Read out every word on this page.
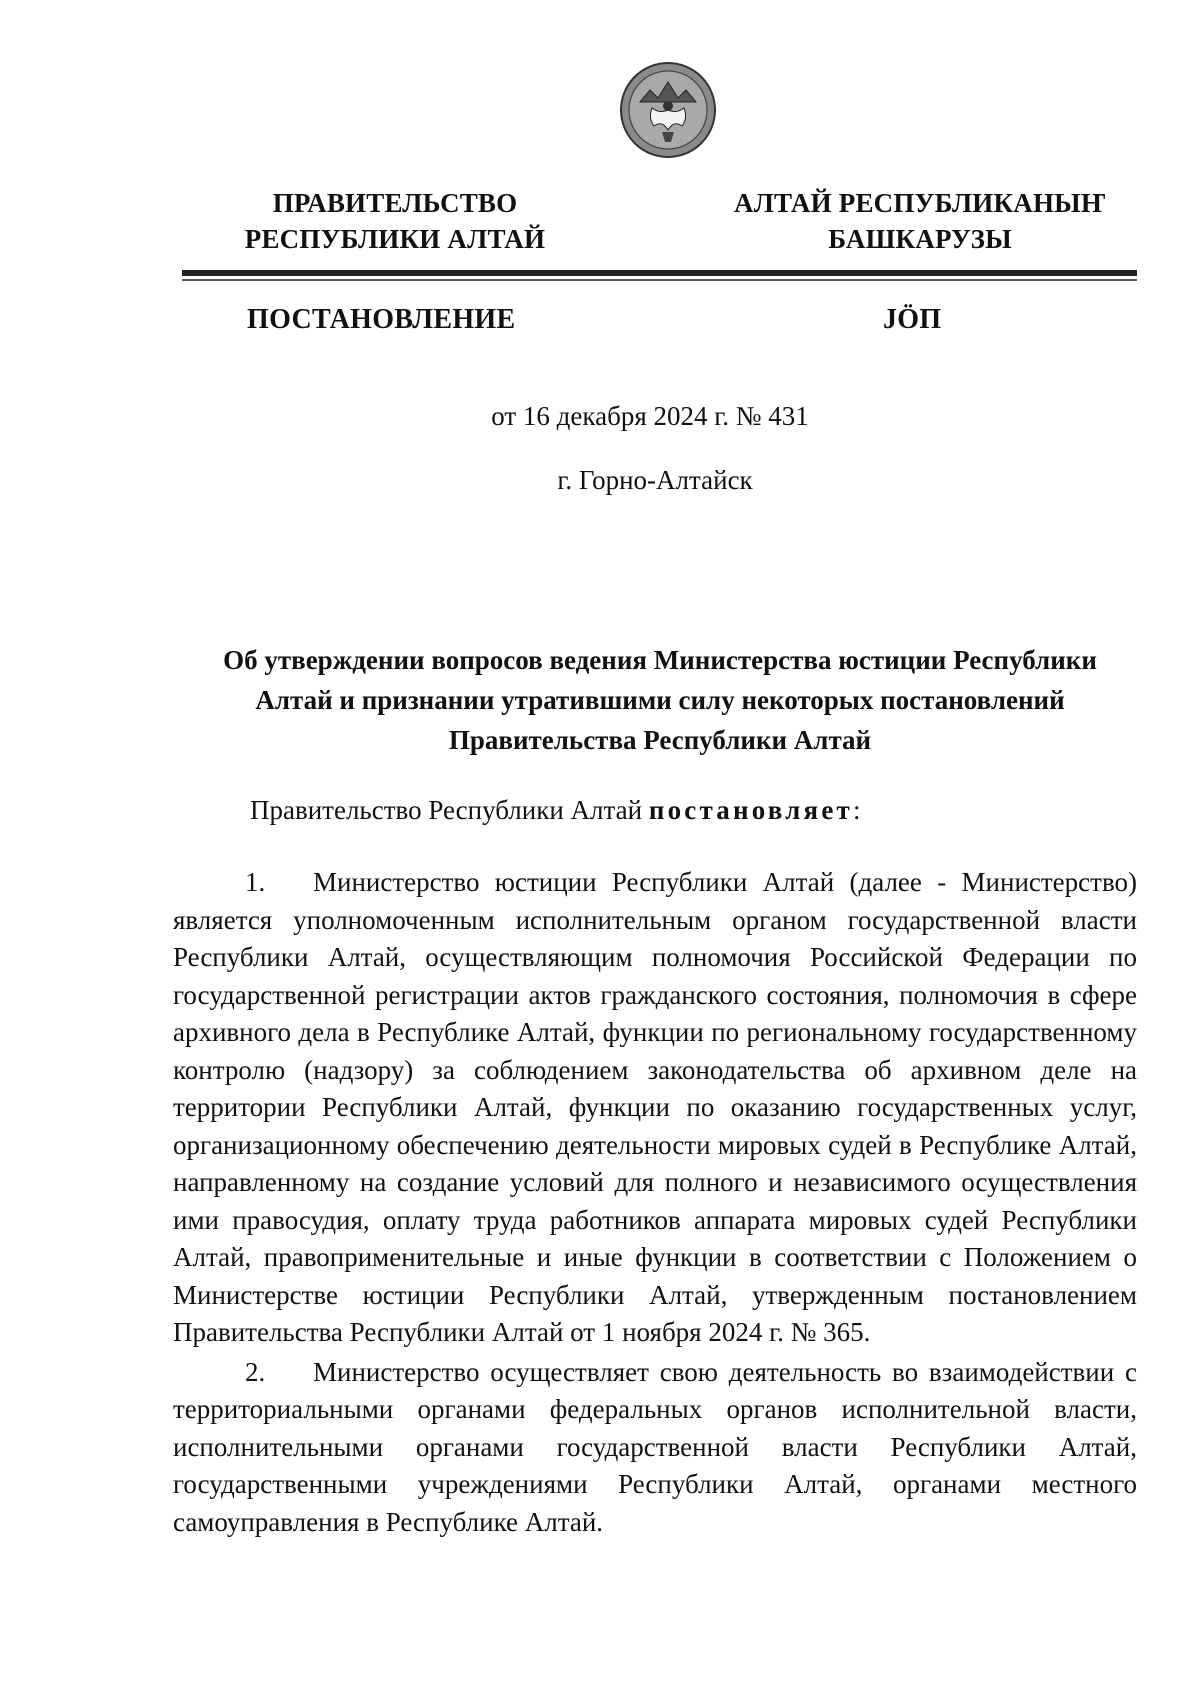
ПРАВИТЕЛЬСТВО
РЕСПУБЛИКИ АЛТАЙ
АЛТАЙ РЕСПУБЛИКАНЫҤ
БАШКАРУЗЫ
ПОСТАНОВЛЕНИЕ	JÖП
от 16 декабря 2024 г. № 431
г. Горно-Алтайск
Об утверждении вопросов ведения Министерства юстиции Республики
Алтай и признании утратившими силу некоторых постановлений
Правительства Республики Алтай
Правительство Республики Алтай постановляет:

1. Министерство юстиции Республики Алтай (далее - Министерство) является уполномоченным исполнительным органом государственной власти Республики Алтай, осуществляющим полномочия Российской Федерации по государственной регистрации актов гражданского состояния, полномочия в сфере архивного дела в Республике Алтай, функции по региональному государственному контролю (надзору) за соблюдением законодательства об архивном деле на территории Республики Алтай, функции по оказанию государственных услуг, организационному обеспечению деятельности мировых судей в Республике Алтай, направленному на создание условий для полного и независимого осуществления ими правосудия, оплату труда работников аппарата мировых судей Республики Алтай, правоприменительные и иные функции в соответствии с Положением о Министерстве юстиции Республики Алтай, утвержденным постановлением Правительства Республики Алтай от 1 ноября 2024 г. № 365.

2. Министерство осуществляет свою деятельность во взаимодействии с территориальными органами федеральных органов исполнительной власти, исполнительными органами государственной власти Республики Алтай, государственными учреждениями Республики Алтай, органами местного самоуправления в Республике Алтай.
